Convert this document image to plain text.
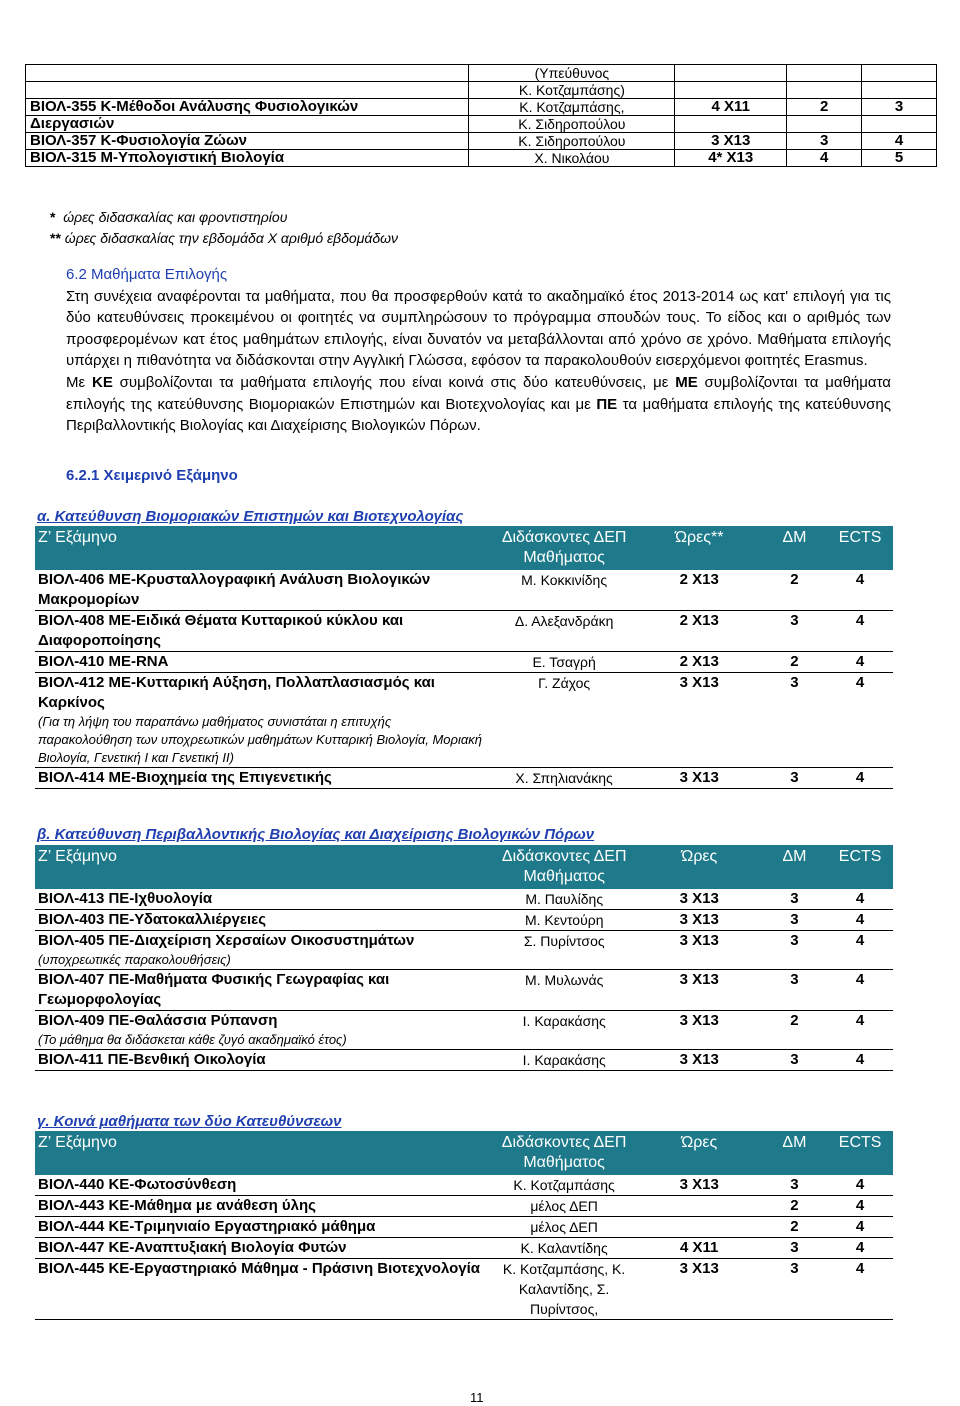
ΤΜΗΜΑ ΒΙΟΛΟΓΙΑΣ ΠΑΝΕΠΙΣΤΗΜΙΟΥ ΚΡΗΤΗΣ
ΟΔΗΓΟΣ ΠΡΟΠΤΥΧΙΑΚΩΝ ΣΠΟΥΔΩΝ 2013-2014
	(Υπεύθυνος			
	Κ. Κοτζαμπάσης)			
ΒΙΟΛ-355 Κ-Μέθοδοι Ανάλυσης Φυσιολογικών	Κ. Κοτζαμπάσης,	4 Χ11	2	3
Διεργασιών	Κ. Σιδηροπούλου			
ΒΙΟΛ-357 Κ-Φυσιολογία Ζώων	Κ. Σιδηροπούλου	3 Χ13	3	4
ΒΙΟΛ-315 Μ-Υπολογιστική Βιολογία	Χ. Νικολάου	4* Χ13	4	5
* ώρες διδασκαλίας και φροντιστηρίου
** ώρες διδασκαλίας την εβδομάδα Χ αριθμό εβδομάδων
6.2 Μαθήματα Επιλογής
Στη συνέχεια αναφέρονται τα μαθήματα, που θα προσφερθούν κατά το ακαδημαϊκό έτος 2013-2014 ως κατ' επιλογή για τις δύο κατευθύνσεις προκειμένου οι φοιτητές να συμπληρώσουν το πρόγραμμα σπουδών τους. Το είδος και ο αριθμός των προσφερομένων κατ έτος μαθημάτων επιλογής, είναι δυνατόν να μεταβάλλονται από χρόνο σε χρόνο. Μαθήματα επιλογής υπάρχει η πιθανότητα να διδάσκονται στην Αγγλική Γλώσσα, εφόσον τα παρακολουθούν εισερχόμενοι φοιτητές Erasmus.
Με ΚΕ συμβολίζονται τα μαθήματα επιλογής που είναι κοινά στις δύο κατευθύνσεις, με ΜΕ συμβολίζονται τα μαθήματα επιλογής της κατεύθυνσης Βιομοριακών Επιστημών και Βιοτεχνολογίας και με ΠΕ τα μαθήματα επιλογής της κατεύθυνσης Περιβαλλοντικής Βιολογίας και Διαχείρισης Βιολογικών Πόρων.
6.2.1 Χειμερινό Εξάμηνο
α. Κατεύθυνση Βιομοριακών Επιστημών και Βιοτεχνολογίας
Ζ’ Εξάμηνο	Διδάσκοντες ΔΕΠ Μαθήματος	Ώρες**	ΔΜ	ECTS
ΒΙΟΛ-406 ΜΕ-Κρυσταλλογραφική Ανάλυση Βιολογικών Μακρομορίων	Μ. Κοκκινίδης	2 Χ13	2	4
ΒΙΟΛ-408 ΜΕ-Ειδικά Θέματα Κυτταρικού κύκλου και Διαφοροποίησης	Δ. Αλεξανδράκη	2 Χ13	3	4
ΒΙΟΛ-410 ΜΕ-RNA	Ε. Τσαγρή	2 Χ13	2	4
ΒΙΟΛ-412 ΜΕ-Κυτταρική Αύξηση, Πολλαπλασιασμός και Καρκίνος
(Για τη λήψη του παραπάνω μαθήματος συνιστάται η επιτυχής παρακολούθηση των υποχρεωτικών μαθημάτων Κυτταρική Βιολογία, Μοριακή Βιολογία, Γενετική Ι και Γενετική ΙΙ)	Γ. Ζάχος	3 Χ13	3	4
ΒΙΟΛ-414 ΜΕ-Βιοχημεία της Επιγενετικής	Χ. Σπηλιανάκης	3 Χ13	3	4
β. Κατεύθυνση Περιβαλλοντικής Βιολογίας και Διαχείρισης Βιολογικών Πόρων
Ζ’ Εξάμηνο	Διδάσκοντες ΔΕΠ Μαθήματος	Ώρες	ΔΜ	ECTS
ΒΙΟΛ-413 ΠΕ-Ιχθυολογία	Μ. Παυλίδης	3 Χ13	3	4
ΒΙΟΛ-403 ΠΕ-Υδατοκαλλιέργειες	Μ. Κεντούρη	3 Χ13	3	4
ΒΙΟΛ-405 ΠΕ-Διαχείριση Χερσαίων Οικοσυστημάτων
(υποχρεωτικές παρακολουθήσεις)	Σ. Πυρίντσος	3 Χ13	3	4
ΒΙΟΛ-407 ΠΕ-Μαθήματα Φυσικής Γεωγραφίας και Γεωμορφολογίας	Μ. Μυλωνάς	3 Χ13	3	4
ΒΙΟΛ-409 ΠΕ-Θαλάσσια Ρύπανση
(Το μάθημα θα διδάσκεται κάθε ζυγό ακαδημαϊκό έτος)	Ι. Καρακάσης	3 Χ13	2	4
ΒΙΟΛ-411 ΠΕ-Βενθική Οικολογία	Ι. Καρακάσης	3 Χ13	3	4
γ. Κοινά μαθήματα των δύο Κατευθύνσεων
Ζ’ Εξάμηνο	Διδάσκοντες ΔΕΠ Μαθήματος	Ώρες	ΔΜ	ECTS
ΒΙΟΛ-440 ΚΕ-Φωτοσύνθεση	Κ. Κοτζαμπάσης	3 Χ13	3	4
ΒΙΟΛ-443 ΚΕ-Μάθημα με ανάθεση ύλης	μέλος ΔΕΠ		2	4
ΒΙΟΛ-444 ΚΕ-Τριμηνιαίο Εργαστηριακό μάθημα	μέλος ΔΕΠ		2	4
ΒΙΟΛ-447 ΚΕ-Αναπτυξιακή Βιολογία Φυτών	Κ. Καλαντίδης	4 Χ11	3	4
ΒΙΟΛ-445 ΚΕ-Εργαστηριακό Μάθημα - Πράσινη Βιοτεχνολογία	Κ. Κοτζαμπάσης, Κ. Καλαντίδης, Σ. Πυρίντσος,	3 Χ13	3	4
11
